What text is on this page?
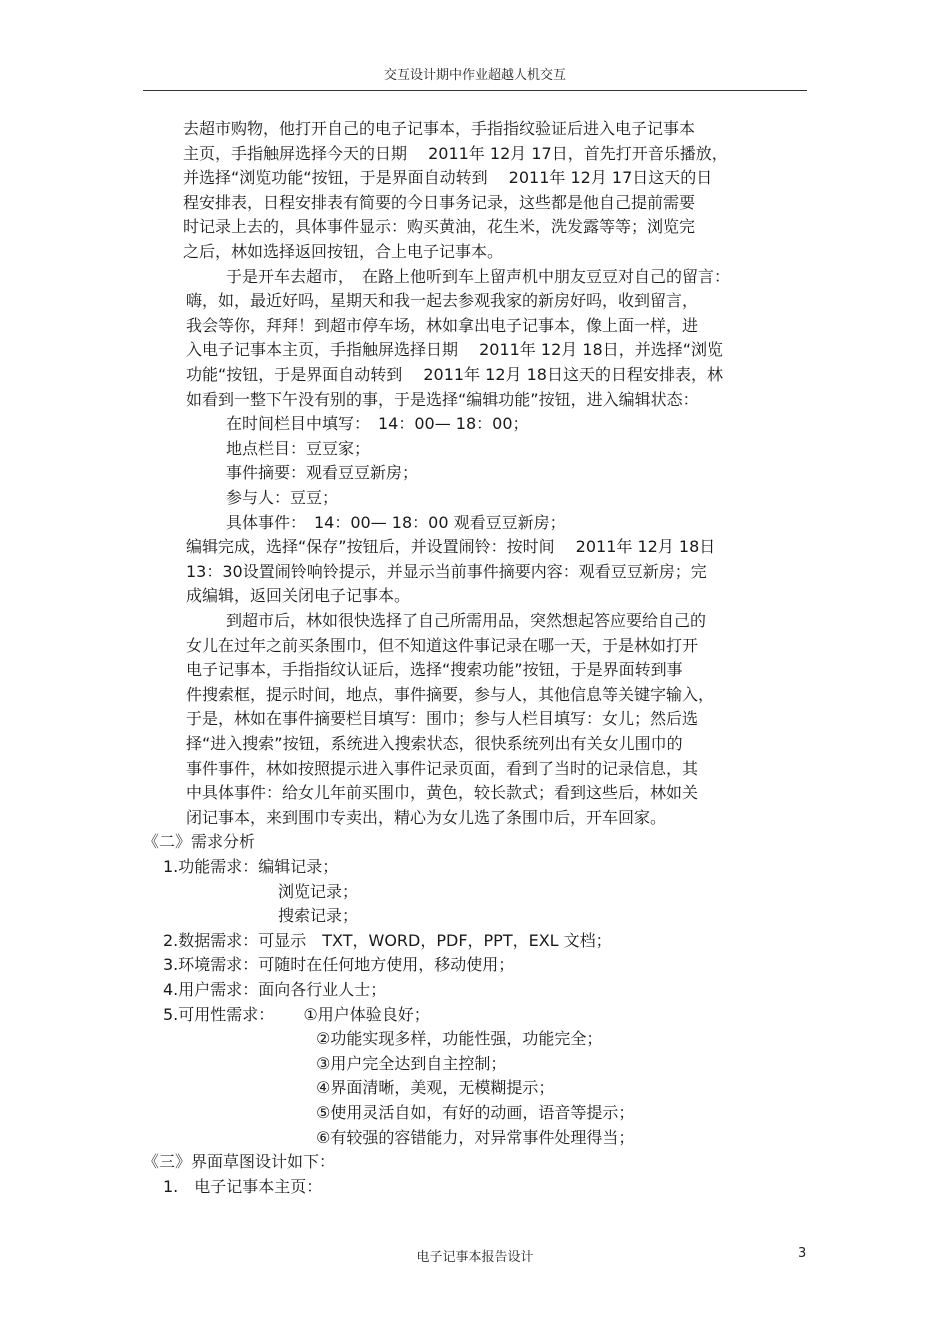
交互设计期中作业超越人机交互
去超市购物，他打开自己的电子记事本，手指指纹验证后进入电子记事本
主页，手指触屏选择今天的日期　 2011年 12月 17日，首先打开音乐播放，
并选择“浏览功能“按钮，于是界面自动转到　 2011年 12月 17日这天的日
程安排表，日程安排表有简要的今日事务记录，这些都是他自己提前需要
时记录上去的，具体事件显示：购买黄油，花生米，洗发露等等；浏览完
之后，林如选择返回按钮，合上电子记事本。
于是开车去超市，　在路上他听到车上留声机中朋友豆豆对自己的留言：
嗨，如，最近好吗，星期天和我一起去参观我家的新房好吗，收到留言，
我会等你，拜拜！到超市停车场，林如拿出电子记事本，像上面一样，进
入电子记事本主页，手指触屏选择日期　 2011年 12月 18日，并选择“浏览
功能“按钮，于是界面自动转到　 2011年 12月 18日这天的日程安排表，林
如看到一整下午没有别的事，于是选择“编辑功能”按钮，进入编辑状态：
在时间栏目中填写：　14：00— 18：00；
地点栏目：豆豆家；
事件摘要：观看豆豆新房；
参与人：豆豆；
具体事件：　14：00— 18：00 观看豆豆新房；
编辑完成，选择“保存”按钮后，并设置闹铃：按时间　 2011年 12月 18日
13：30设置闹铃响铃提示，并显示当前事件摘要内容：观看豆豆新房；完
成编辑，返回关闭电子记事本。
到超市后，林如很快选择了自己所需用品，突然想起答应要给自己的
女儿在过年之前买条围巾，但不知道这件事记录在哪一天，于是林如打开
电子记事本，手指指纹认证后，选择“搜索功能”按钮，于是界面转到事
件搜索框，提示时间，地点，事件摘要，参与人，其他信息等关键字输入，
于是，林如在事件摘要栏目填写：围巾；参与人栏目填写：女儿；然后选
择“进入搜索”按钮，系统进入搜索状态，很快系统列出有关女儿围巾的
事件事件，林如按照提示进入事件记录页面，看到了当时的记录信息，其
中具体事件：给女儿年前买围巾，黄色，较长款式；看到这些后，林如关
闭记事本，来到围巾专卖出，精心为女儿选了条围巾后，开车回家。
《二》需求分析
1.功能需求：编辑记录；
浏览记录；
搜索记录；
2.数据需求：可显示　TXT，WORD，PDF，PPT，EXL 文档；
3.环境需求：可随时在任何地方使用，移动使用；
4.用户需求：面向各行业人士；
5.可用性需求：　　 ①用户体验良好；
②功能实现多样，功能性强，功能完全；
③用户完全达到自主控制；
④界面清晰，美观，无模糊提示；
⑤使用灵活自如，有好的动画，语音等提示；
⑥有较强的容错能力，对异常事件处理得当；
《三》界面草图设计如下：
1.　电子记事本主页：
电子记事本报告设计	3
